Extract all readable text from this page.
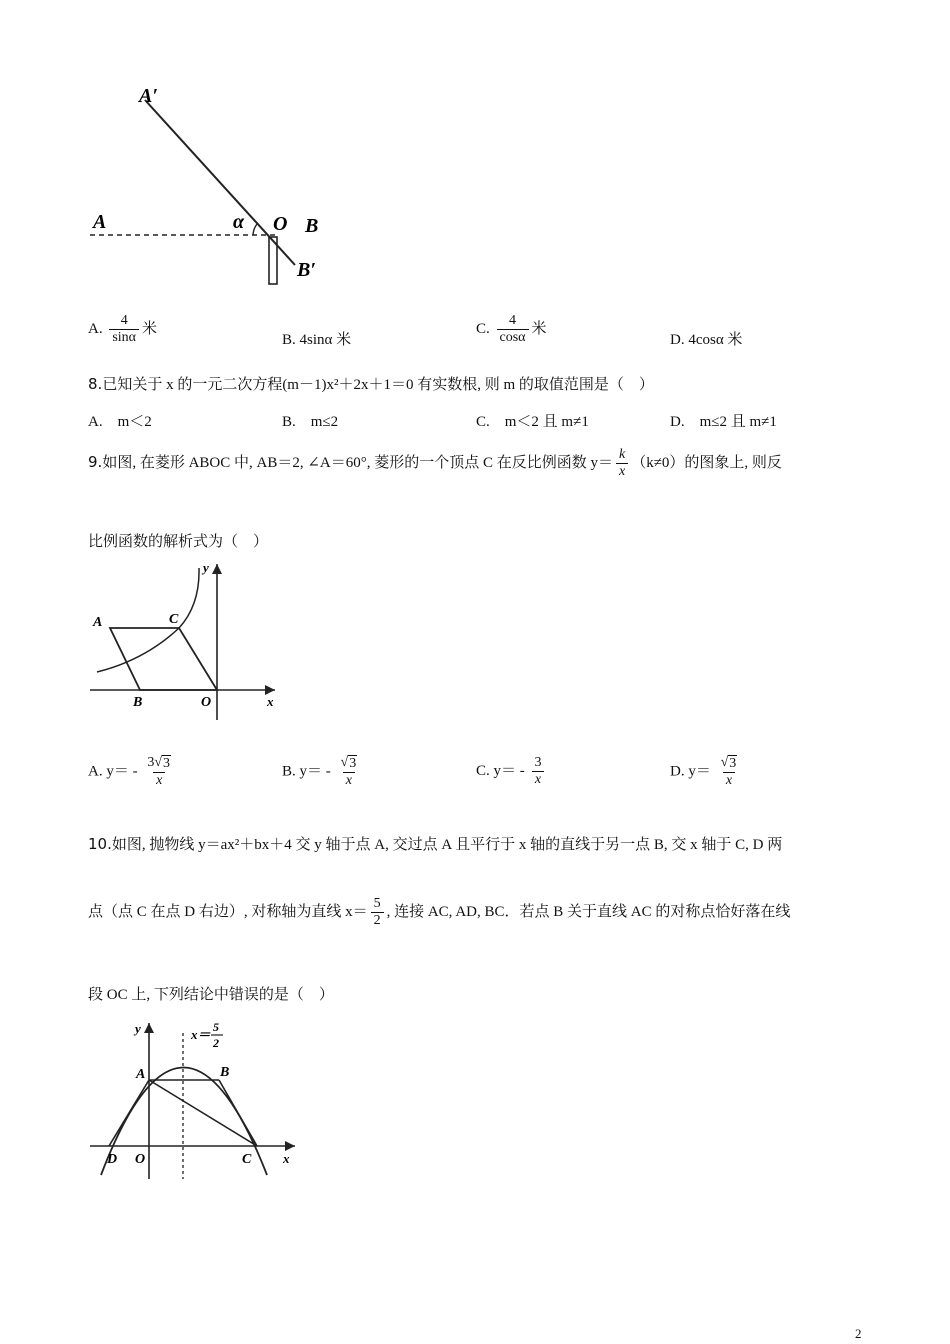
A′
A	α O B
B′
A. $\frac{4}{\sin\alpha}$ 米
B. 4sinα 米
C. $\frac{4}{\cos\alpha}$ 米
D. 4cosα 米
8.已知关于 x 的一元二次方程(m－1)x²＋2x＋1＝0 有实数根, 则 m 的取值范围是（　）
A.　m＜2	B.　m≤2	C.　m＜2 且 m≠1	D.　m≤2 且 m≠1
9.如图, 在菱形 ABOC 中, AB＝2, ∠A＝60°, 菱形的一个顶点 C 在反比例函数 $y= \frac{k}{x} (k\ne 0)$的图象上, 则反
比例函数的解析式为（　）
y
x
A	C
B	O
A. $y= - \frac{3√ 3}{x}$	B. $y= - \frac{√ 3}{x}$	C. $y= - \frac{3}{x}$	D. $y= \frac{√ 3}{x}$
10.如图, 抛物线 y＝ax²＋bx＋4 交 y 轴于点 A, 交过点 A 且平行于 x 轴的直线于另一点 B, 交 x 轴于 C, D 两
点（点 C 在点 D 右边）, 对称轴为直线 $x= \frac{5}{2}$ , 连接 AC, AD, BC．若点 B 关于直线 AC 的对称点恰好落在线
段 OC 上, 下列结论中错误的是（　）
y
x
x＝ 5
2
A	B
C
D O
2
